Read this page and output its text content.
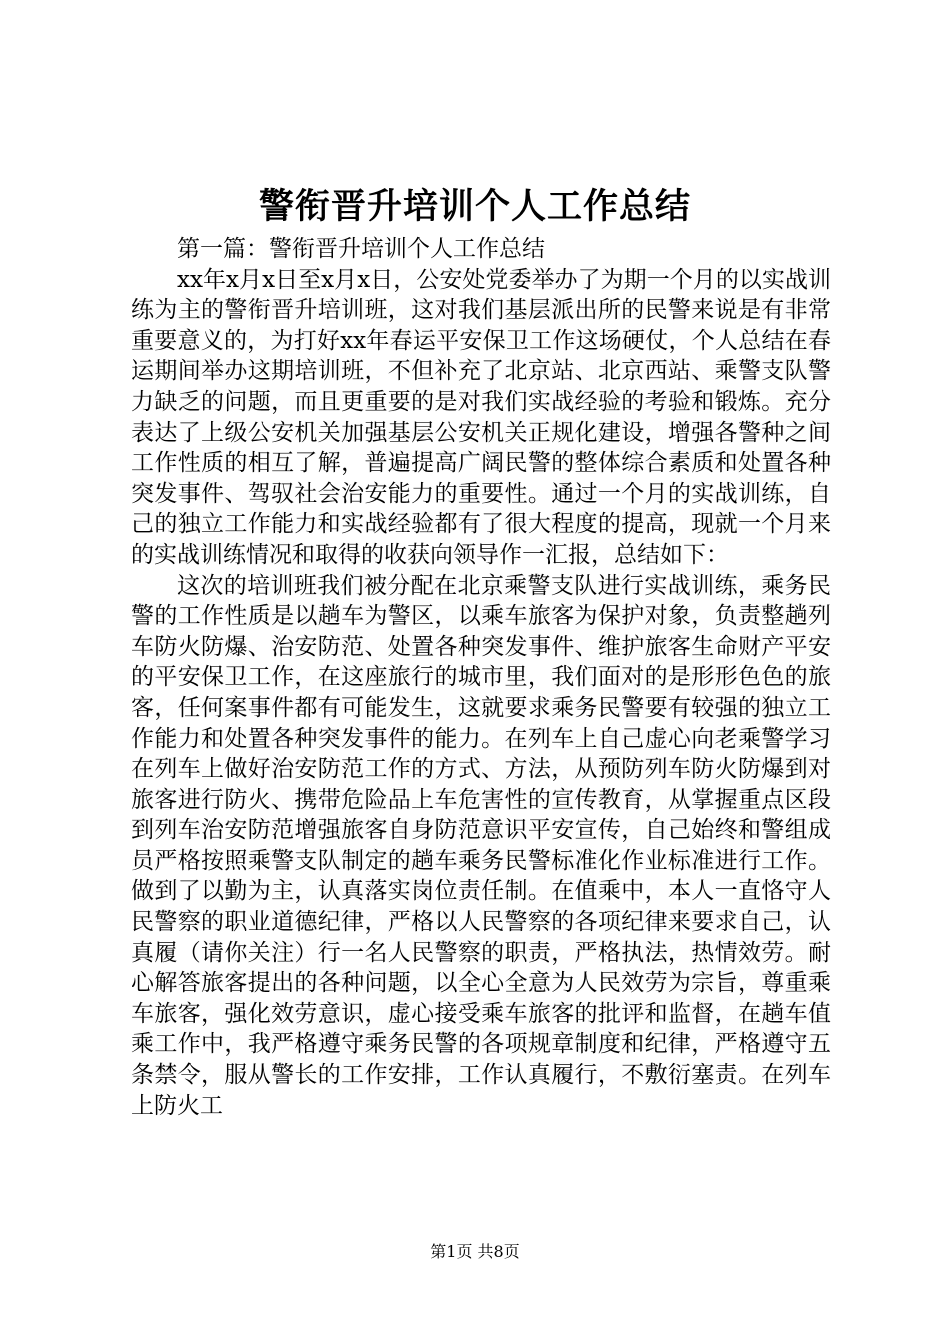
警衔晋升培训个人工作总结

第一篇：警衔晋升培训个人工作总结

xx年x月x日至x月x日，公安处党委举办了为期一个月的以实战训练为主的警衔晋升培训班，这对我们基层派出所的民警来说是有非常重要意义的，为打好xx年春运平安保卫工作这场硬仗，个人总结在春运期间举办这期培训班，不但补充了北京站、北京西站、乘警支队警力缺乏的问题，而且更重要的是对我们实战经验的考验和锻炼。充分表达了上级公安机关加强基层公安机关正规化建设，增强各警种之间工作性质的相互了解，普遍提高广阔民警的整体综合素质和处置各种突发事件、驾驭社会治安能力的重要性。通过一个月的实战训练，自己的独立工作能力和实战经验都有了很大程度的提高，现就一个月来的实战训练情况和取得的收获向领导作一汇报，总结如下：

这次的培训班我们被分配在北京乘警支队进行实战训练，乘务民警的工作性质是以趟车为警区，以乘车旅客为保护对象，负责整趟列车防火防爆、治安防范、处置各种突发事件、维护旅客生命财产平安的平安保卫工作，在这座旅行的城市里，我们面对的是形形色色的旅客，任何案事件都有可能发生，这就要求乘务民警要有较强的独立工作能力和处置各种突发事件的能力。在列车上自己虚心向老乘警学习在列车上做好治安防范工作的方式、方法，从预防列车防火防爆到对旅客进行防火、携带危险品上车危害性的宣传教育，从掌握重点区段到列车治安防范增强旅客自身防范意识平安宣传，自己始终和警组成员严格按照乘警支队制定的趟车乘务民警标准化作业标准进行工作。做到了以勤为主，认真落实岗位责任制。在值乘中，本人一直恪守人民警察的职业道德纪律，严格以人民警察的各项纪律来要求自己，认真履（请你关注）行一名人民警察的职责，严格执法，热情效劳。耐心解答旅客提出的各种问题，以全心全意为人民效劳为宗旨，尊重乘车旅客，强化效劳意识，虚心接受乘车旅客的批评和监督，在趟车值乘工作中，我严格遵守乘务民警的各项规章制度和纪律，严格遵守五条禁令，服从警长的工作安排，工作认真履行，不敷衍塞责。在列车上防火工

第1页 共8页
